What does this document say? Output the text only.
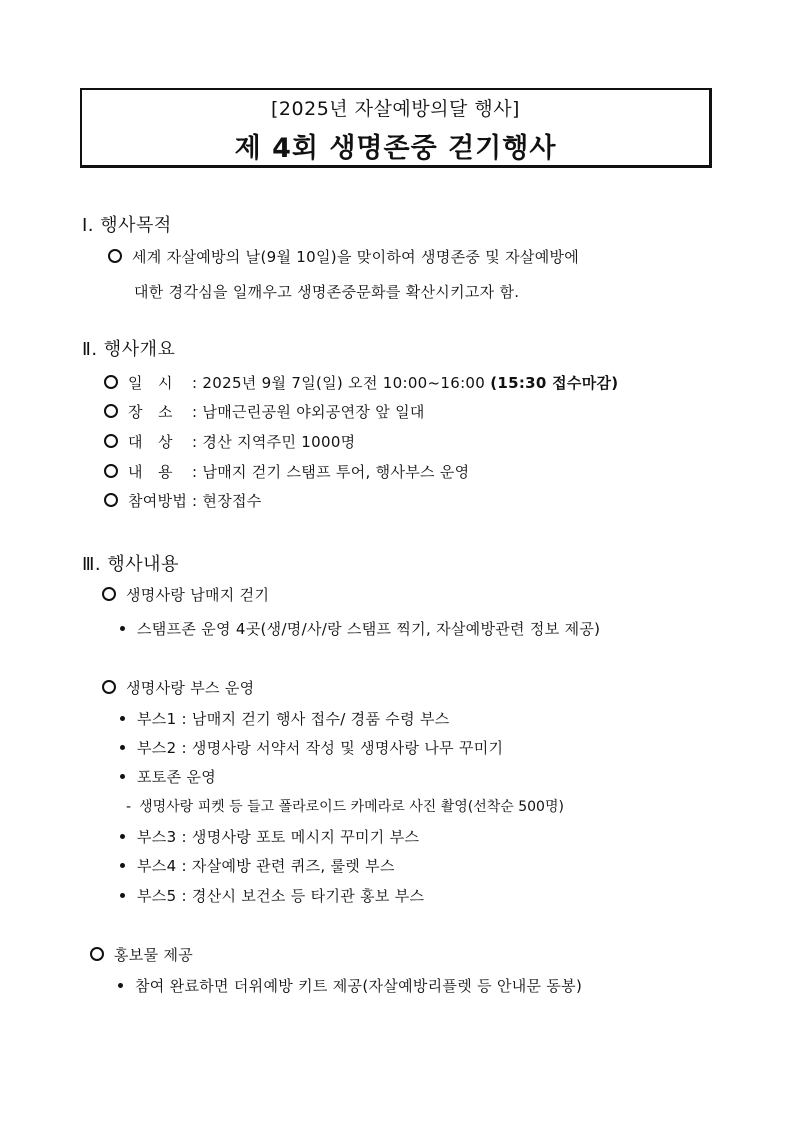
[2025년 자살예방의달 행사]
제 4회 생명존중 걷기행사
Ⅰ. 행사목적
세계 자살예방의 날(9월 10일)을 맞이하여 생명존중 및 자살예방에
대한 경각심을 일깨우고 생명존중문화를 확산시키고자 함.
Ⅱ. 행사개요
일   시 : 2025년 9월 7일(일) 오전 10:00~16:00 (15:30 접수마감)
장   소 : 남매근린공원 야외공연장 앞 일대
대   상 : 경산 지역주민 1000명
내   용 : 남매지 걷기 스탬프 투어, 행사부스 운영
참여방법 : 현장접수
Ⅲ. 행사내용
생명사랑 남매지 걷기
스탬프존 운영 4곳(생/명/사/랑 스탬프 찍기, 자살예방관련 정보 제공)
생명사랑 부스 운영
부스1 : 남매지 걷기 행사 접수/ 경품 수령 부스
부스2 : 생명사랑 서약서 작성 및 생명사랑 나무 꾸미기
포토존 운영
- 생명사랑 피켓 등 들고 폴라로이드 카메라로 사진 촬영(선착순 500명)
부스3 : 생명사랑 포토 메시지 꾸미기 부스
부스4 : 자살예방 관련 퀴즈, 룰렛 부스
부스5 : 경산시 보건소 등 타기관 홍보 부스
홍보물 제공
참여 완료하면 더위예방 키트 제공(자살예방리플렛 등 안내문 동봉)
